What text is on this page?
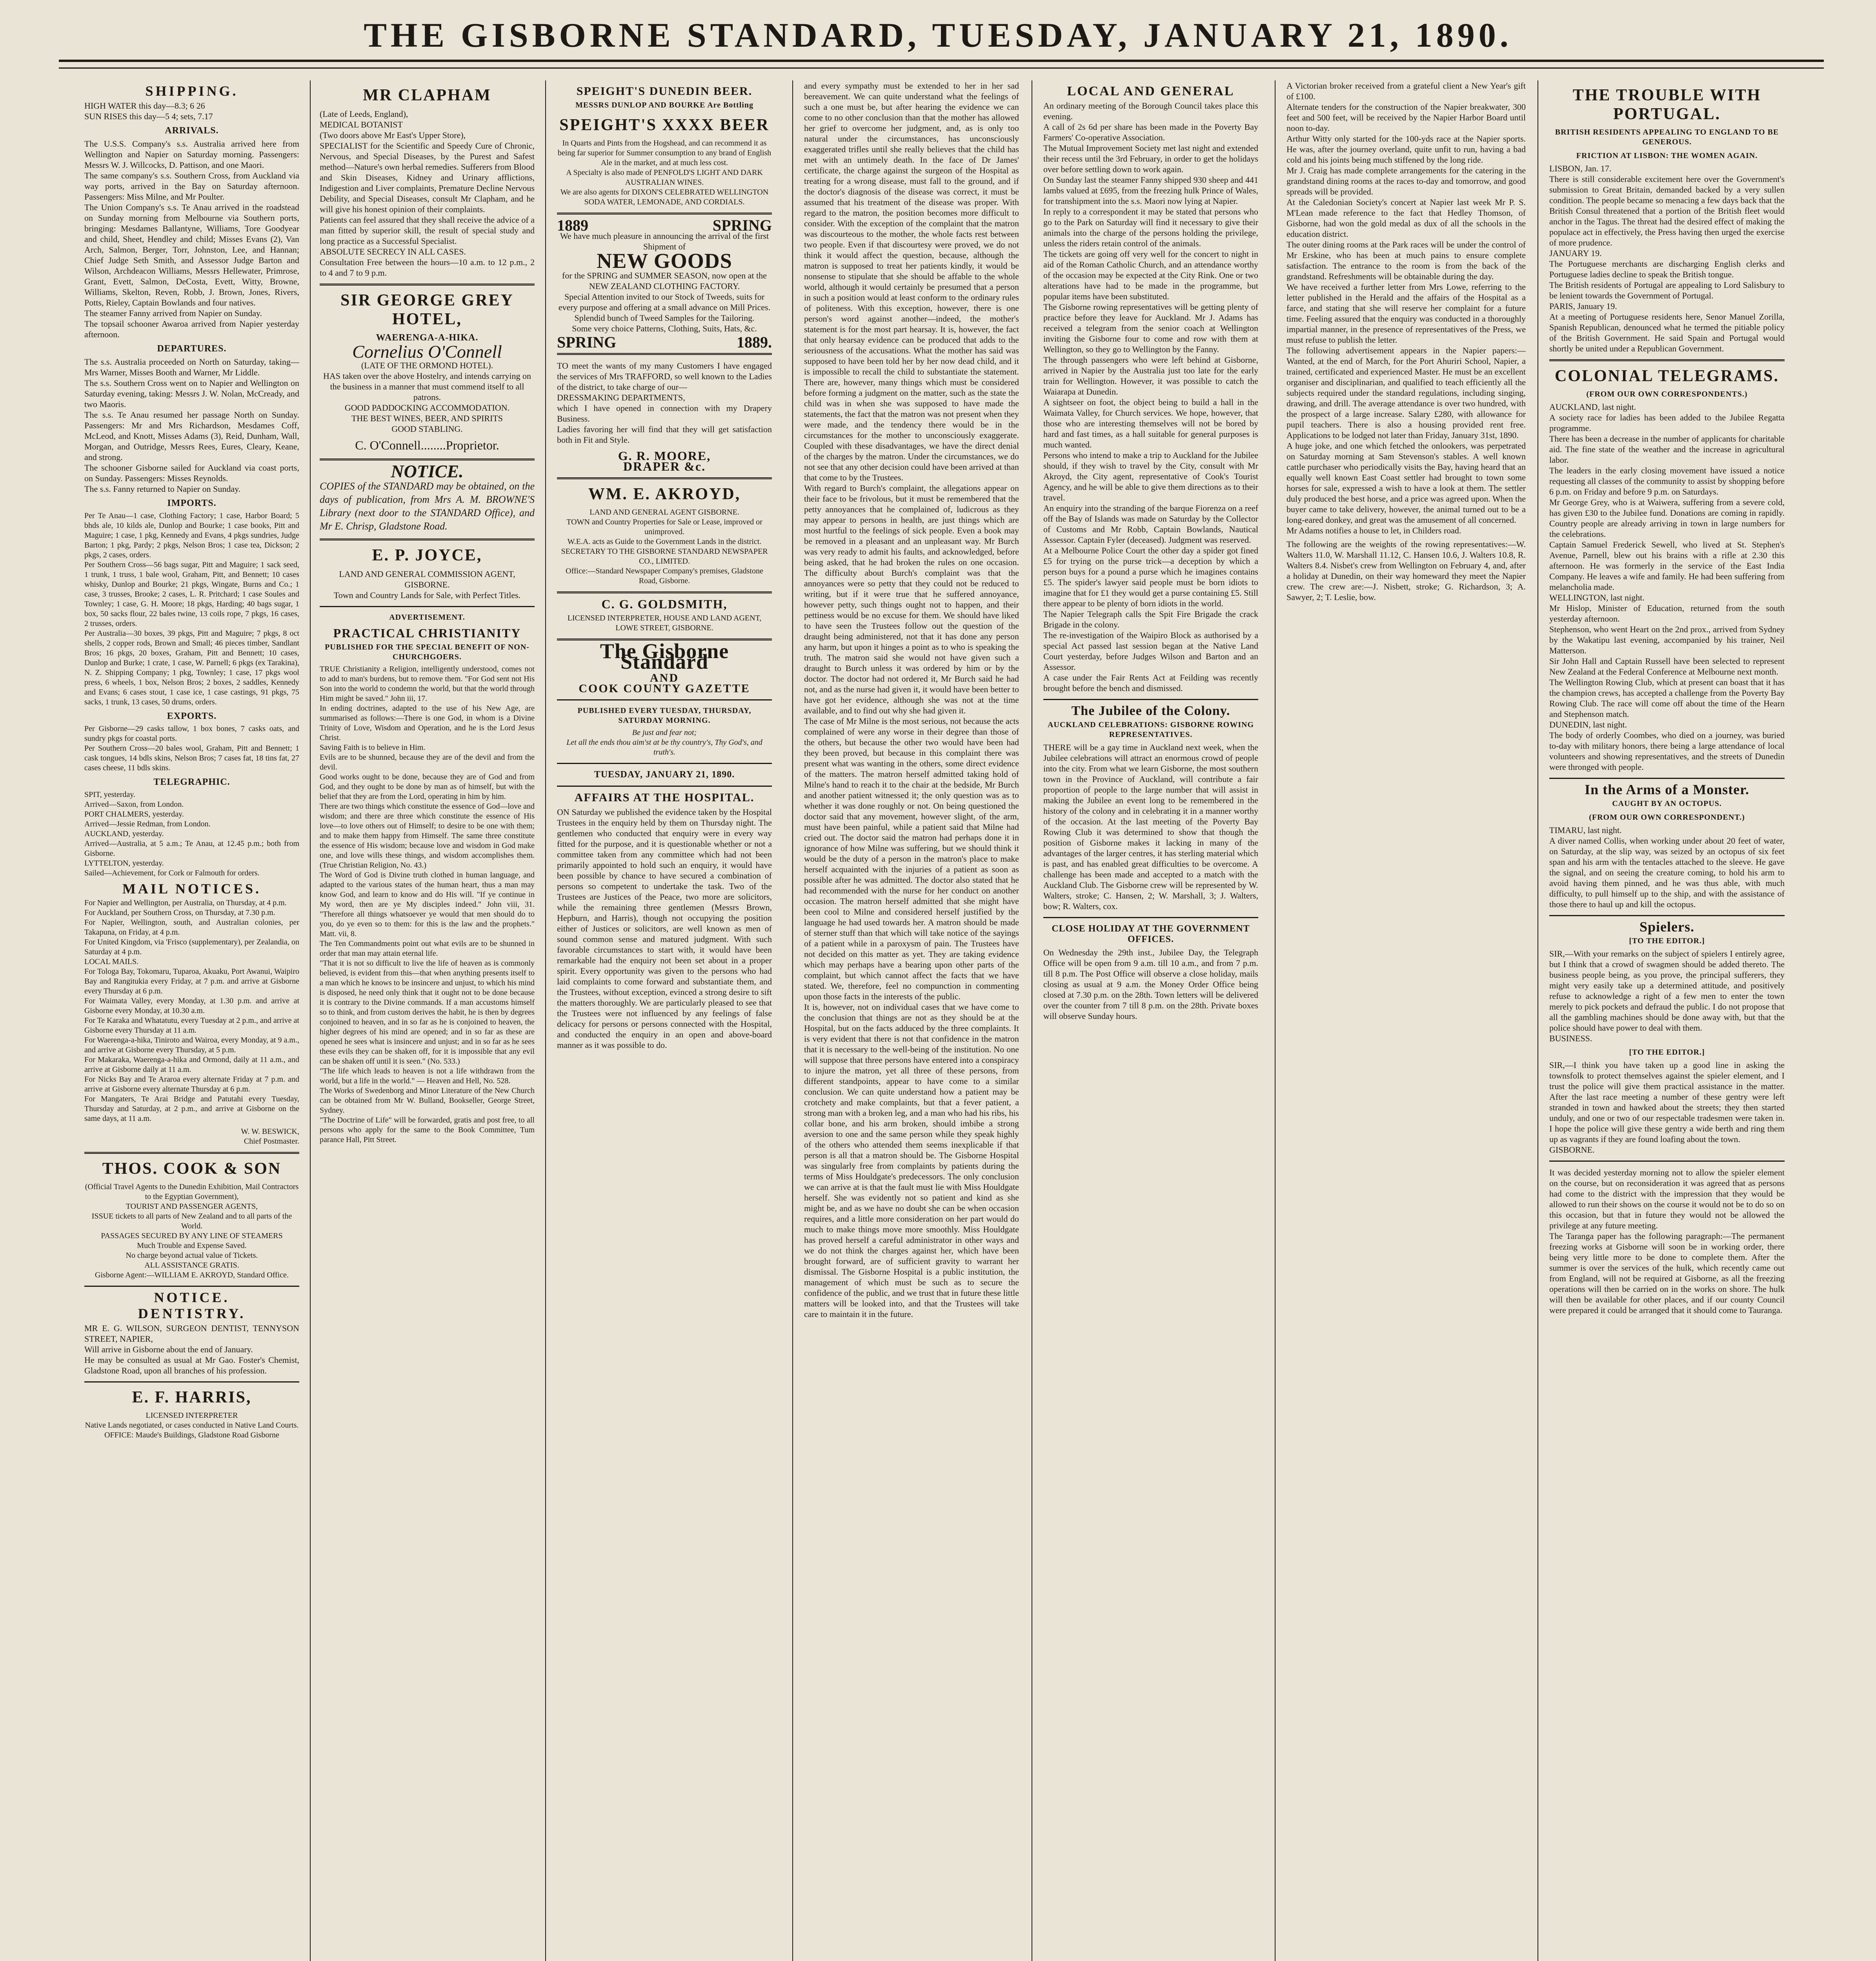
THE GISBORNE STANDARD, TUESDAY, JANUARY 21, 1890.
SHIPPING.
HIGH WATER this day—8.3; 6 26
SUN RISES this day—5 4; sets, 7.17
ARRIVALS.
The U.S.S. Company's s.s. Australia arrived here from Wellington and Napier on Saturday morning. Passengers: Messrs W. J. Willcocks, D. Pattison, and one Maori.
The same company's s.s. Southern Cross, from Auckland via way ports, arrived in the Bay on Saturday afternoon. Passengers: Miss Milne, and Mr Poulter.
The Union Company's s.s. Te Anau arrived in the roadstead on Sunday morning from Melbourne via Southern ports, bringing: Mesdames Ballantyne, Williams, Tore Goodyear and child, Sheet, Hendley and child; Misses Evans (2), Van Arch, Salmon, Berger, Torr, Johnston, Lee, and Hannan; Chief Judge Seth Smith, and Assessor Judge Barton and Wilson, Archdeacon Williams, Messrs Hellewater, Primrose, Grant, Evett, Salmon, DeCosta, Evett, Witty, Browne, Williams, Skelton, Reven, Robb, J. Brown, Jones, Rivers, Potts, Rieley, Captain Bowlands and four natives.
The steamer Fanny arrived from Napier on Sunday.
The topsail schooner Awaroa arrived from Napier yesterday afternoon.
DEPARTURES.
The s.s. Australia proceeded on North on Saturday, taking—Mrs Warner, Misses Booth and Warner, Mr Liddle.
The s.s. Southern Cross went on to Napier and Wellington on Saturday evening, taking: Messrs J. W. Nolan, McCready, and two Maoris.
The s.s. Te Anau resumed her passage North on Sunday. Passengers: Mr and Mrs Richardson, Mesdames Coff, McLeod, and Knott, Misses Adams (3), Reid, Dunham, Wall, Morgan, and Outridge, Messrs Rees, Eures, Cleary, Keane, and strong.
The schooner Gisborne sailed for Auckland via coast ports, on Sunday. Passengers: Misses Reynolds.
The s.s. Fanny returned to Napier on Sunday.
IMPORTS.
Per Te Anau—1 case, Clothing Factory; 1 case, Harbor Board; 5 bhds ale, 10 kilds ale, Dunlop and Bourke; 1 case books, Pitt and Maguire; 1 case, 1 pkg, Kennedy and Evans, 4 pkgs sundries, Judge Barton; 1 pkg, Pardy; 2 pkgs, Nelson Bros; 1 case tea, Dickson; 2 pkgs, 2 cases, orders.
Per Southern Cross—56 bags sugar, Pitt and Maguire; 1 sack seed, 1 trunk, 1 truss, 1 bale wool, Graham, Pitt, and Bennett; 10 cases whisky, Dunlop and Bourke; 21 pkgs, Wingate, Burns and Co.; 1 case, 3 trusses, Brooke; 2 cases, L. R. Pritchard; 1 case Soules and Townley; 1 case, G. H. Moore; 18 pkgs, Harding; 40 bags sugar, 1 box, 50 sacks flour, 22 bales twine, 13 coils rope, 7 pkgs, 16 cases, 2 trusses, orders.
Per Australia—30 boxes, 39 pkgs, Pitt and Maguire; 7 pkgs, 8 oct shells, 2 copper rods, Brown and Small; 46 pieces timber, Sandlant Bros; 16 pkgs, 20 boxes, Graham, Pitt and Bennett; 10 cases, Dunlop and Burke; 1 crate, 1 case, W. Parnell; 6 pkgs (ex Tarakina), N. Z. Shipping Company; 1 pkg, Townley; 1 case, 17 pkgs wool press, 6 wheels, 1 box, Nelson Bros; 2 boxes, 2 saddles, Kennedy and Evans; 6 cases stout, 1 case ice, 1 case castings, 91 pkgs, 75 sacks, 1 trunk, 13 cases, 50 drums, orders.
EXPORTS.
Per Gisborne—29 casks tallow, 1 box bones, 7 casks oats, and sundry pkgs for coastal ports.
Per Southern Cross—20 bales wool, Graham, Pitt and Bennett; 1 cask tongues, 14 bdls skins, Nelson Bros; 7 cases fat, 18 tins fat, 27 cases cheese, 11 bdls skins.
TELEGRAPHIC.
SPIT, yesterday.
Arrived—Saxon, from London.
PORT CHALMERS, yesterday.
Arrived—Jessie Redman, from London.
AUCKLAND, yesterday.
Arrived—Australia, at 5 a.m.; Te Anau, at 12.45 p.m.; both from Gisborne.
LYTTELTON, yesterday.
Sailed—Achievement, for Cork or Falmouth for orders.
MAIL NOTICES.
For Napier and Wellington, per Australia, on Thursday, at 4 p.m.
For Auckland, per Southern Cross, on Thursday, at 7.30 p.m.
For Napier, Wellington, south, and Australian colonies, per Takapuna, on Friday, at 4 p.m.
For United Kingdom, via 'Frisco (supplementary), per Zealandia, on Saturday at 4 p.m.
LOCAL MAILS.
For Tologa Bay, Tokomaru, Tuparoa, Akuaku, Port Awanui, Waipiro Bay and Rangitukia every Friday, at 7 p.m. and arrive at Gisborne every Thursday at 6 p.m.
For Waimata Valley, every Monday, at 1.30 p.m. and arrive at Gisborne every Monday, at 10.30 a.m.
For Te Karaka and Whatatutu, every Tuesday at 2 p.m., and arrive at Gisborne every Thursday at 11 a.m.
For Waerenga-a-hika, Tiniroto and Wairoa, every Monday, at 9 a.m., and arrive at Gisborne every Thursday, at 5 p.m.
For Makaraka, Waerenga-a-hika and Ormond, daily at 11 a.m., and arrive at Gisborne daily at 11 a.m.
For Nicks Bay and Te Araroa every alternate Friday at 7 p.m. and arrive at Gisborne every alternate Thursday at 6 p.m.
For Mangaters, Te Arai Bridge and Patutahi every Tuesday, Thursday and Saturday, at 2 p.m., and arrive at Gisborne on the same days, at 11 a.m.
W. W. BESWICK,
Chief Postmaster.
THOS. COOK & SON
(Official Travel Agents to the Dunedin Exhibition, Mail Contractors to the Egyptian Government),
TOURIST AND PASSENGER AGENTS,
ISSUE tickets to all parts of New Zealand and to all parts of the World.
PASSAGES SECURED BY ANY LINE OF STEAMERS
Much Trouble and Expense Saved.
No charge beyond actual value of Tickets.
ALL ASSISTANCE GRATIS.
Gisborne Agent:—WILLIAM E. AKROYD, Standard Office.
NOTICE.
DENTISTRY.
MR E. G. WILSON, SURGEON DENTIST, TENNYSON STREET, NAPIER,
Will arrive in Gisborne about the end of January.
He may be consulted as usual at Mr Gao. Foster's Chemist, Gladstone Road, upon all branches of his profession.
E. F. HARRIS,
LICENSED INTERPRETER
Native Lands negotiated, or cases conducted in Native Land Courts.
OFFICE: Maude's Buildings, Gladstone Road Gisborne
MR CLAPHAM
(Late of Leeds, England),
MEDICAL BOTANIST
(Two doors above Mr East's Upper Store),
SPECIALIST for the Scientific and Speedy Cure of Chronic, Nervous, and Special Diseases, by the Purest and Safest method—Nature's own herbal remedies. Sufferers from Blood and Skin Diseases, Kidney and Urinary afflictions, Indigestion and Liver complaints, Premature Decline Nervous Debility, and Special Diseases, consult Mr Clapham, and he will give his honest opinion of their complaints.
Patients can feel assured that they shall receive the advice of a man fitted by superior skill, the result of special study and long practice as a Successful Specialist.
ABSOLUTE SECRECY IN ALL CASES.
Consultation Free between the hours—10 a.m. to 12 p.m., 2 to 4 and 7 to 9 p.m.
SIR GEORGE GREY HOTEL,
WAERENGA-A-HIKA.
Cornelius O'Connell
(LATE OF THE ORMOND HOTEL).
HAS taken over the above Hostelry, and intends carrying on the business in a manner that must commend itself to all patrons.
GOOD PADDOCKING ACCOMMODATION.
THE BEST WINES, BEER, AND SPIRITS
GOOD STABLING.
C. O'Connell........Proprietor.
NOTICE.
COPIES of the STANDARD may be obtained, on the days of publication, from Mrs A. M. BROWNE'S Library (next door to the STANDARD Office), and Mr E. Chrisp, Gladstone Road.
E. P. JOYCE,
LAND AND GENERAL COMMISSION AGENT, GISBORNE.
Town and Country Lands for Sale, with Perfect Titles.
ADVERTISEMENT.
PRACTICAL CHRISTIANITY
PUBLISHED FOR THE SPECIAL BENEFIT OF NON-CHURCHGOERS.
TRUE Christianity a Religion, intelligently understood, comes not to add to man's burdens, but to remove them. "For God sent not His Son into the world to condemn the world, but that the world through Him might be saved." John iii, 17.
In ending doctrines, adapted to the use of his New Age, are summarised as follows:—There is one God, in whom is a Divine Trinity of Love, Wisdom and Operation, and he is the Lord Jesus Christ.
Saving Faith is to believe in Him.
Evils are to be shunned, because they are of the devil and from the devil.
Good works ought to be done, because they are of God and from God, and they ought to be done by man as of himself, but with the belief that they are from the Lord, operating in him by him.
There are two things which constitute the essence of God—love and wisdom; and there are three which constitute the essence of His love—to love others out of Himself; to desire to be one with them; and to make them happy from Himself. The same three constitute the essence of His wisdom; because love and wisdom in God make one, and love wills these things, and wisdom accomplishes them. (True Christian Religion, No. 43.)
The Word of God is Divine truth clothed in human language, and adapted to the various states of the human heart, thus a man may know God, and learn to know and do His will. "If ye continue in My word, then are ye My disciples indeed." John viii, 31. "Therefore all things whatsoever ye would that men should do to you, do ye even so to them: for this is the law and the prophets." Matt. vii, 8.
The Ten Commandments point out what evils are to be shunned in order that man may attain eternal life.
"That it is not so difficult to live the life of heaven as is commonly believed, is evident from this—that when anything presents itself to a man which he knows to be insincere and unjust, to which his mind is disposed, he need only think that it ought not to be done because it is contrary to the Divine commands. If a man accustoms himself so to think, and from custom derives the habit, he is then by degrees conjoined to heaven, and in so far as he is conjoined to heaven, the higher degrees of his mind are opened; and in so far as these are opened he sees what is insincere and unjust; and in so far as he sees these evils they can be shaken off, for it is impossible that any evil can be shaken off until it is seen." (No. 533.)
"The life which leads to heaven is not a life withdrawn from the world, but a life in the world." — Heaven and Hell, No. 528.
The Works of Swedenborg and Minor Literature of the New Church can be obtained from Mr W. Bulland, Bookseller, George Street, Sydney.
"The Doctrine of Life" will be forwarded, gratis and post free, to all persons who apply for the same to the Book Committee, Tum parance Hall, Pitt Street.
SPEIGHT'S DUNEDIN BEER.
MESSRS DUNLOP AND BOURKE Are Bottling
SPEIGHT'S XXXX BEER
In Quarts and Pints from the Hogshead, and can recommend it as being far superior for Summer consumption to any brand of English Ale in the market, and at much less cost.
A Specialty is also made of PENFOLD'S LIGHT AND DARK AUSTRALIAN WINES.
We are also agents for DIXON'S CELEBRATED WELLINGTON SODA WATER, LEMONADE, AND CORDIALS.
1889	SPRING
We have much pleasure in announcing the arrival of the first Shipment of
NEW GOODS
for the SPRING and SUMMER SEASON, now open at the NEW ZEALAND CLOTHING FACTORY.
Special Attention invited to our Stock of Tweeds, suits for every purpose and offering at a small advance on Mill Prices. Splendid bunch of Tweed Samples for the Tailoring.
Some very choice Patterns, Clothing, Suits, Hats, &c.
SPRING	1889.
TO meet the wants of my many Customers I have engaged the services of Mrs TRAFFORD, so well known to the Ladies of the district, to take charge of our—
DRESSMAKING DEPARTMENTS,
which I have opened in connection with my Drapery Business.
Ladies favoring her will find that they will get satisfaction both in Fit and Style.
G. R. MOORE,
DRAPER &c.
WM. E. AKROYD,
LAND AND GENERAL AGENT GISBORNE.
TOWN and Country Properties for Sale or Lease, improved or unimproved.
W.E.A. acts as Guide to the Government Lands in the district.
SECRETARY TO THE GISBORNE STANDARD NEWSPAPER CO., LIMITED.
Office:—Standard Newspaper Company's premises, Gladstone Road, Gisborne.
C. G. GOLDSMITH,
LICENSED INTERPRETER, HOUSE AND LAND AGENT,
LOWE STREET, GISBORNE.
The Gisborne Standard
AND
COOK COUNTY GAZETTE
PUBLISHED EVERY TUESDAY, THURSDAY, SATURDAY MORNING.
Be just and fear not;
Let all the ends thou aim'st at be thy country's, Thy God's, and truth's.
TUESDAY, JANUARY 21, 1890.
AFFAIRS AT THE HOSPITAL.
ON Saturday we published the evidence taken by the Hospital Trustees in the enquiry held by them on Thursday night. The gentlemen who conducted that enquiry were in every way fitted for the purpose, and it is questionable whether or not a committee taken from any committee which had not been primarily appointed to hold such an enquiry, it would have been possible by chance to have secured a combination of persons so competent to undertake the task. Two of the Trustees are Justices of the Peace, two more are solicitors, while the remaining three gentlemen (Messrs Brown, Hepburn, and Harris), though not occupying the position either of Justices or solicitors, are well known as men of sound common sense and matured judgment. With such favorable circumstances to start with, it would have been remarkable had the enquiry not been set about in a proper spirit. Every opportunity was given to the persons who had laid complaints to come forward and substantiate them, and the Trustees, without exception, evinced a strong desire to sift the matters thoroughly. We are particularly pleased to see that the Trustees were not influenced by any feelings of false delicacy for persons or persons connected with the Hospital, and conducted the enquiry in an open and above-board manner as it was possible to do.
and every sympathy must be extended to her in her sad bereavement. We can quite understand what the feelings of such a one must be, but after hearing the evidence we can come to no other conclusion than that the mother has allowed her grief to overcome her judgment, and, as is only too natural under the circumstances, has unconsciously exaggerated trifles until she really believes that the child has met with an untimely death. In the face of Dr James' certificate, the charge against the surgeon of the Hospital as treating for a wrong disease, must fall to the ground, and if the doctor's diagnosis of the disease was correct, it must be assumed that his treatment of the disease was proper. With regard to the matron, the position becomes more difficult to consider. With the exception of the complaint that the matron was discourteous to the mother, the whole facts rest between two people. Even if that discourtesy were proved, we do not think it would affect the question, because, although the matron is supposed to treat her patients kindly, it would be nonsense to stipulate that she should be affable to the whole world, although it would certainly be presumed that a person in such a position would at least conform to the ordinary rules of politeness. With this exception, however, there is one person's word against another—indeed, the mother's statement is for the most part hearsay. It is, however, the fact that only hearsay evidence can be produced that adds to the seriousness of the accusations. What the mother has said was supposed to have been told her by her now dead child, and it is impossible to recall the child to substantiate the statement. There are, however, many things which must be considered before forming a judgment on the matter, such as the state the child was in when she was supposed to have made the statements, the fact that the matron was not present when they were made, and the tendency there would be in the circumstances for the mother to unconsciously exaggerate. Coupled with these disadvantages, we have the direct denial of the charges by the matron. Under the circumstances, we do not see that any other decision could have been arrived at than that come to by the Trustees.
With regard to Burch's complaint, the allegations appear on their face to be frivolous, but it must be remembered that the petty annoyances that he complained of, ludicrous as they may appear to persons in health, are just things which are most hurtful to the feelings of sick people. Even a book may be removed in a pleasant and an unpleasant way. Mr Burch was very ready to admit his faults, and acknowledged, before being asked, that he had broken the rules on one occasion. The difficulty about Burch's complaint was that the annoyances were so petty that they could not be reduced to writing, but if it were true that he suffered annoyance, however petty, such things ought not to happen, and their pettiness would be no excuse for them. We should have liked to have seen the Trustees follow out the question of the draught being administered, not that it has done any person any harm, but upon it hinges a point as to who is speaking the truth. The matron said she would not have given such a draught to Burch unless it was ordered by him or by the doctor. The doctor had not ordered it, Mr Burch said he had not, and as the nurse had given it, it would have been better to have got her evidence, although she was not at the time available, and to find out why she had given it.
The case of Mr Milne is the most serious, not because the acts complained of were any worse in their degree than those of the others, but because the other two would have been had they been proved, but because in this complaint there was present what was wanting in the others, some direct evidence of the matters. The matron herself admitted taking hold of Milne's hand to reach it to the chair at the bedside, Mr Burch and another patient witnessed it; the only question was as to whether it was done roughly or not. On being questioned the doctor said that any movement, however slight, of the arm, must have been painful, while a patient said that Milne had cried out. The doctor said the matron had perhaps done it in ignorance of how Milne was suffering, but we should think it would be the duty of a person in the matron's place to make herself acquainted with the injuries of a patient as soon as possible after he was admitted. The doctor also stated that he had recommended with the nurse for her conduct on another occasion. The matron herself admitted that she might have been cool to Milne and considered herself justified by the language he had used towards her. A matron should be made of sterner stuff than that which will take notice of the sayings of a patient while in a paroxysm of pain. The Trustees have not decided on this matter as yet. They are taking evidence which may perhaps have a bearing upon other parts of the complaint, but which cannot affect the facts that we have stated. We, therefore, feel no compunction in commenting upon those facts in the interests of the public.
It is, however, not on individual cases that we have come to the conclusion that things are not as they should be at the Hospital, but on the facts adduced by the three complaints. It is very evident that there is not that confidence in the matron that it is necessary to the well-being of the institution. No one will suppose that three persons have entered into a conspiracy to injure the matron, yet all three of these persons, from different standpoints, appear to have come to a similar conclusion. We can quite understand how a patient may be crotchety and make complaints, but that a fever patient, a strong man with a broken leg, and a man who had his ribs, his collar bone, and his arm broken, should imbibe a strong aversion to one and the same person while they speak highly of the others who attended them seems inexplicable if that person is all that a matron should be. The Gisborne Hospital was singularly free from complaints by patients during the terms of Miss Houldgate's predecessors. The only conclusion we can arrive at is that the fault must lie with Miss Houldgate herself. She was evidently not so patient and kind as she might be, and as we have no doubt she can be when occasion requires, and a little more consideration on her part would do much to make things move more smoothly. Miss Houldgate has proved herself a careful administrator in other ways and we do not think the charges against her, which have been brought forward, are of sufficient gravity to warrant her dismissal. The Gisborne Hospital is a public institution, the management of which must be such as to secure the confidence of the public, and we trust that in future these little matters will be looked into, and that the Trustees will take care to maintain it in the future.
LOCAL AND GENERAL
An ordinary meeting of the Borough Council takes place this evening.
A call of 2s 6d per share has been made in the Poverty Bay Farmers' Co-operative Association.
The Mutual Improvement Society met last night and extended their recess until the 3rd February, in order to get the holidays over before settling down to work again.
On Sunday last the steamer Fanny shipped 930 sheep and 441 lambs valued at £695, from the freezing hulk Prince of Wales, for transhipment into the s.s. Maori now lying at Napier.
In reply to a correspondent it may be stated that persons who go to the Park on Saturday will find it necessary to give their animals into the charge of the persons holding the privilege, unless the riders retain control of the animals.
The tickets are going off very well for the concert to night in aid of the Roman Catholic Church, and an attendance worthy of the occasion may be expected at the City Rink. One or two alterations have had to be made in the programme, but popular items have been substituted.
The Gisborne rowing representatives will be getting plenty of practice before they leave for Auckland. Mr J. Adams has received a telegram from the senior coach at Wellington inviting the Gisborne four to come and row with them at Wellington, so they go to Wellington by the Fanny.
The through passengers who were left behind at Gisborne, arrived in Napier by the Australia just too late for the early train for Wellington. However, it was possible to catch the Waiarapa at Dunedin.
A sightseer on foot, the object being to build a hall in the Waimata Valley, for Church services. We hope, however, that those who are interesting themselves will not be bored by hard and fast times, as a hall suitable for general purposes is much wanted.
Persons who intend to make a trip to Auckland for the Jubilee should, if they wish to travel by the City, consult with Mr Akroyd, the City agent, representative of Cook's Tourist Agency, and he will be able to give them directions as to their travel.
An enquiry into the stranding of the barque Fiorenza on a reef off the Bay of Islands was made on Saturday by the Collector of Customs and Mr Robb, Captain Bowlands, Nautical Assessor. Captain Fyler (deceased). Judgment was reserved.
At a Melbourne Police Court the other day a spider got fined £5 for trying on the purse trick—a deception by which a person buys for a pound a purse which he imagines contains £5. The spider's lawyer said people must be born idiots to imagine that for £1 they would get a purse containing £5. Still there appear to be plenty of born idiots in the world.
The Napier Telegraph calls the Spit Fire Brigade the crack Brigade in the colony.
The re-investigation of the Waipiro Block as authorised by a special Act passed last session began at the Native Land Court yesterday, before Judges Wilson and Barton and an Assessor.
A case under the Fair Rents Act at Feilding was recently brought before the bench and dismissed.
The Jubilee of the Colony.
AUCKLAND CELEBRATIONS: GISBORNE ROWING REPRESENTATIVES.
THERE will be a gay time in Auckland next week, when the Jubilee celebrations will attract an enormous crowd of people into the city. From what we learn Gisborne, the most southern town in the Province of Auckland, will contribute a fair proportion of people to the large number that will assist in making the Jubilee an event long to be remembered in the history of the colony and in celebrating it in a manner worthy of the occasion. At the last meeting of the Poverty Bay Rowing Club it was determined to show that though the position of Gisborne makes it lacking in many of the advantages of the larger centres, it has sterling material which is past, and has enabled great difficulties to be overcome. A challenge has been made and accepted to a match with the Auckland Club. The Gisborne crew will be represented by W. Walters, stroke; C. Hansen, 2; W. Marshall, 3; J. Walters, bow; R. Walters, cox.
CLOSE HOLIDAY AT THE GOVERNMENT OFFICES.
On Wednesday the 29th inst., Jubilee Day, the Telegraph Office will be open from 9 a.m. till 10 a.m., and from 7 p.m. till 8 p.m. The Post Office will observe a close holiday, mails closing as usual at 9 a.m. the Money Order Office being closed at 7.30 p.m. on the 28th. Town letters will be delivered over the counter from 7 till 8 p.m. on the 28th. Private boxes will observe Sunday hours.
A Victorian broker received from a grateful client a New Year's gift of £100.
Alternate tenders for the construction of the Napier breakwater, 300 feet and 500 feet, will be received by the Napier Harbor Board until noon to-day.
Arthur Witty only started for the 100-yds race at the Napier sports. He was, after the journey overland, quite unfit to run, having a bad cold and his joints being much stiffened by the long ride.
Mr J. Craig has made complete arrangements for the catering in the grandstand dining rooms at the races to-day and tomorrow, and good spreads will be provided.
At the Caledonian Society's concert at Napier last week Mr P. S. M'Lean made reference to the fact that Hedley Thomson, of Gisborne, had won the gold medal as dux of all the schools in the education district.
The outer dining rooms at the Park races will be under the control of Mr Erskine, who has been at much pains to ensure complete satisfaction. The entrance to the room is from the back of the grandstand. Refreshments will be obtainable during the day.
We have received a further letter from Mrs Lowe, referring to the letter published in the Herald and the affairs of the Hospital as a farce, and stating that she will reserve her complaint for a future time. Feeling assured that the enquiry was conducted in a thoroughly impartial manner, in the presence of representatives of the Press, we must refuse to publish the letter.
The following advertisement appears in the Napier papers:—Wanted, at the end of March, for the Port Ahuriri School, Napier, a trained, certificated and experienced Master. He must be an excellent organiser and disciplinarian, and qualified to teach efficiently all the subjects required under the standard regulations, including singing, drawing, and drill. The average attendance is over two hundred, with the prospect of a large increase. Salary £280, with allowance for pupil teachers. There is also a housing provided rent free. Applications to be lodged not later than Friday, January 31st, 1890.
A huge joke, and one which fetched the onlookers, was perpetrated on Saturday morning at Sam Stevenson's stables. A well known cattle purchaser who periodically visits the Bay, having heard that an equally well known East Coast settler had brought to town some horses for sale, expressed a wish to have a look at them. The settler duly produced the best horse, and a price was agreed upon. When the buyer came to take delivery, however, the animal turned out to be a long-eared donkey, and great was the amusement of all concerned.
Mr Adams notifies a house to let, in Childers road.
The following are the weights of the rowing representatives:—W. Walters 11.0, W. Marshall 11.12, C. Hansen 10.6, J. Walters 10.8, R. Walters 8.4. Nisbet's crew from Wellington on February 4, and, after a holiday at Dunedin, on their way homeward they meet the Napier crew. The crew are:—J. Nisbett, stroke; G. Richardson, 3; A. Sawyer, 2; T. Leslie, bow.
THE TROUBLE WITH PORTUGAL.
BRITISH RESIDENTS APPEALING TO ENGLAND TO BE GENEROUS.
FRICTION AT LISBON: THE WOMEN AGAIN.
LISBON, Jan. 17.
There is still considerable excitement here over the Government's submission to Great Britain, demanded backed by a very sullen condition. The people became so menacing a few days back that the British Consul threatened that a portion of the British fleet would anchor in the Tagus. The threat had the desired effect of making the populace act in effectively, the Press having then urged the exercise of more prudence.
JANUARY 19.
The Portuguese merchants are discharging English clerks and Portuguese ladies decline to speak the British tongue.
The British residents of Portugal are appealing to Lord Salisbury to be lenient towards the Government of Portugal.
PARIS, January 19.
At a meeting of Portuguese residents here, Senor Manuel Zorilla, Spanish Republican, denounced what he termed the pitiable policy of the British Government. He said Spain and Portugal would shortly be united under a Republican Government.
COLONIAL TELEGRAMS.
(FROM OUR OWN CORRESPONDENTS.)
AUCKLAND, last night.
A society race for ladies has been added to the Jubilee Regatta programme.
There has been a decrease in the number of applicants for charitable aid. The fine state of the weather and the increase in agricultural labor.
The leaders in the early closing movement have issued a notice requesting all classes of the community to assist by shopping before 6 p.m. on Friday and before 9 p.m. on Saturdays.
Mr George Grey, who is at Waiwera, suffering from a severe cold, has given £30 to the Jubilee fund. Donations are coming in rapidly. Country people are already arriving in town in large numbers for the celebrations.
Captain Samuel Frederick Sewell, who lived at St. Stephen's Avenue, Parnell, blew out his brains with a rifle at 2.30 this afternoon. He was formerly in the service of the East India Company. He leaves a wife and family. He had been suffering from melancholia made.
WELLINGTON, last night.
Mr Hislop, Minister of Education, returned from the south yesterday afternoon.
Stephenson, who went Heart on the 2nd prox., arrived from Sydney by the Wakatipu last evening, accompanied by his trainer, Neil Matterson.
Sir John Hall and Captain Russell have been selected to represent New Zealand at the Federal Conference at Melbourne next month.
The Wellington Rowing Club, which at present can boast that it has the champion crews, has accepted a challenge from the Poverty Bay Rowing Club. The race will come off about the time of the Hearn and Stephenson match.
DUNEDIN, last night.
The body of orderly Coombes, who died on a journey, was buried to-day with military honors, there being a large attendance of local volunteers and showing representatives, and the streets of Dunedin were thronged with people.
In the Arms of a Monster.
CAUGHT BY AN OCTOPUS.
(FROM OUR OWN CORRESPONDENT.)
TIMARU, last night.
A diver named Collis, when working under about 20 feet of water, on Saturday, at the slip way, was seized by an octopus of six feet span and his arm with the tentacles attached to the sleeve. He gave the signal, and on seeing the creature coming, to hold his arm to avoid having them pinned, and he was thus able, with much difficulty, to pull himself up to the ship, and with the assistance of those there to haul up and kill the octopus.
Spielers.
[TO THE EDITOR.]
SIR,—With your remarks on the subject of spielers I entirely agree, but I think that a crowd of swagmen should be added thereto. The business people being, as you prove, the principal sufferers, they might very easily take up a determined attitude, and positively refuse to acknowledge a right of a few men to enter the town merely to pick pockets and defraud the public. I do not propose that all the gambling machines should be done away with, but that the police should have power to deal with them.
BUSINESS.
[TO THE EDITOR.]
SIR,—I think you have taken up a good line in asking the townsfolk to protect themselves against the spieler element, and I trust the police will give them practical assistance in the matter. After the last race meeting a number of these gentry were left stranded in town and hawked about the streets; they then started unduly, and one or two of our respectable tradesmen were taken in. I hope the police will give these gentry a wide berth and ring them up as vagrants if they are found loafing about the town.
GISBORNE.
It was decided yesterday morning not to allow the spieler element on the course, but on reconsideration it was agreed that as persons had come to the district with the impression that they would be allowed to run their shows on the course it would not be to do so on this occasion, but that in future they would not be allowed the privilege at any future meeting.
The Taranga paper has the following paragraph:—The permanent freezing works at Gisborne will soon be in working order, there being very little more to be done to complete them. After the summer is over the services of the hulk, which recently came out from England, will not be required at Gisborne, as all the freezing operations will then be carried on in the works on shore. The hulk will then be available for other places, and if our county Council were prepared it could be arranged that it should come to Tauranga.
